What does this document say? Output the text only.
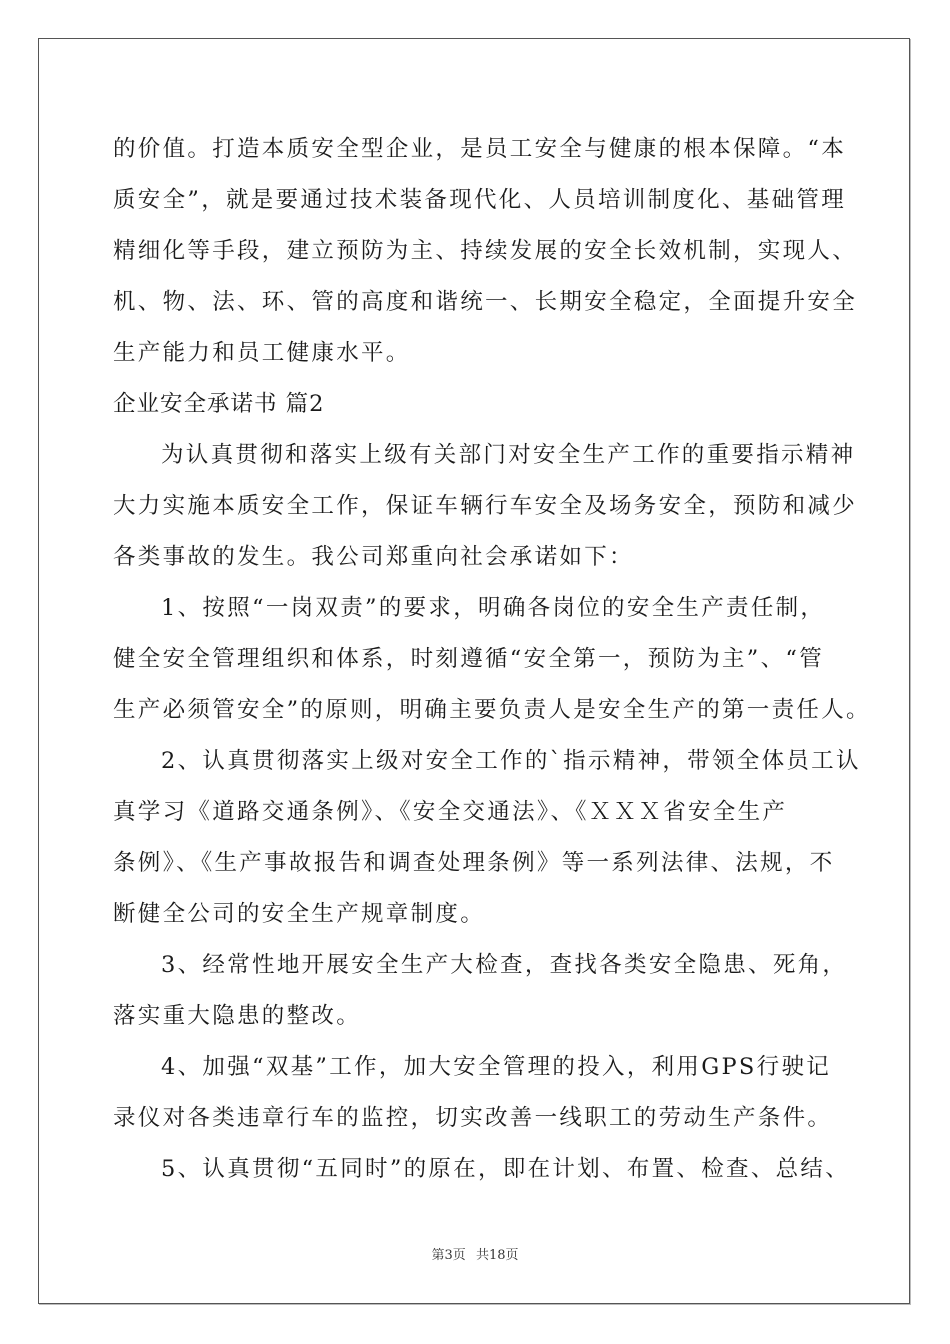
的价值。打造本质安全型企业，是员工安全与健康的根本保障。“本
质安全”，就是要通过技术装备现代化、人员培训制度化、基础管理
精细化等手段，建立预防为主、持续发展的安全长效机制，实现人、
机、物、法、环、管的高度和谐统一、长期安全稳定，全面提升安全
生产能力和员工健康水平。
企业安全承诺书 篇2
为认真贯彻和落实上级有关部门对安全生产工作的重要指示精神
大力实施本质安全工作，保证车辆行车安全及场务安全，预防和减少
各类事故的发生。我公司郑重向社会承诺如下：
1、按照“一岗双责”的要求，明确各岗位的安全生产责任制，
健全安全管理组织和体系，时刻遵循“安全第一，预防为主”、“管
生产必须管安全”的原则，明确主要负责人是安全生产的第一责任人。
2、认真贯彻落实上级对安全工作的`指示精神，带领全体员工认
真学习《道路交通条例》、《安全交通法》、《ＸＸＸ省安全生产
条例》、《生产事故报告和调查处理条例》等一系列法律、法规，不
断健全公司的安全生产规章制度。
3、经常性地开展安全生产大检查，查找各类安全隐患、死角，
落实重大隐患的整改。
4、加强“双基”工作，加大安全管理的投入，利用GPS行驶记
录仪对各类违章行车的监控，切实改善一线职工的劳动生产条件。
5、认真贯彻“五同时”的原在，即在计划、布置、检查、总结、
第3页 共18页
